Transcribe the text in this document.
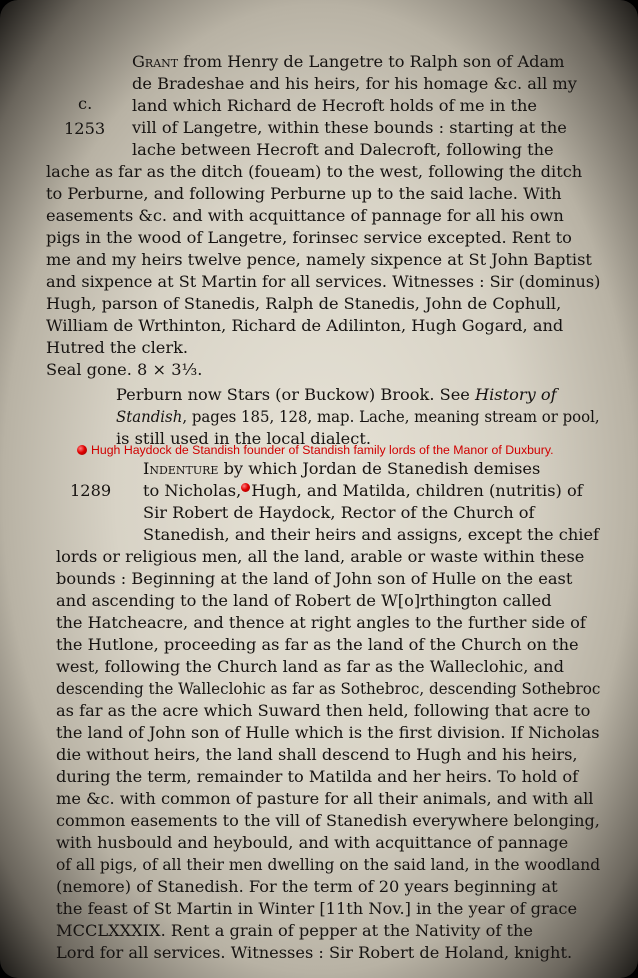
c.
1253
1289
Grant from Henry de Langetre to Ralph son of Adam
de Bradeshae and his heirs, for his homage &c. all my
land which Richard de Hecroft holds of me in the
vill of Langetre, within these bounds : starting at the
lache between Hecroft and Dalecroft, following the
lache as far as the ditch (foueam) to the west, following the ditch
to Perburne, and following Perburne up to the said lache. With
easements &c. and with acquittance of pannage for all his own
pigs in the wood of Langetre, forinsec service excepted. Rent to
me and my heirs twelve pence, namely sixpence at St John Baptist
and sixpence at St Martin for all services. Witnesses : Sir (dominus)
Hugh, parson of Stanedis, Ralph de Stanedis, John de Cophull,
William de Wrthinton, Richard de Adilinton, Hugh Gogard, and
Hutred the clerk.
Seal gone. 8 × 3⅓.
Perburn now Stars (or Buckow) Brook. See History of
Standish, pages 185, 128, map. Lache, meaning stream or pool,
is still used in the local dialect.
Hugh Haydock de Standish founder of Standish family lords of the Manor of Duxbury.
Indenture by which Jordan de Stanedish demises
to Nicholas, Hugh, and Matilda, children (nutritis) of
Sir Robert de Haydock, Rector of the Church of
Stanedish, and their heirs and assigns, except the chief
lords or religious men, all the land, arable or waste within these
bounds : Beginning at the land of John son of Hulle on the east
and ascending to the land of Robert de W[o]rthington called
the Hatcheacre, and thence at right angles to the further side of
the Hutlone, proceeding as far as the land of the Church on the
west, following the Church land as far as the Walleclohic, and
descending the Walleclohic as far as Sothebroc, descending Sothebroc
as far as the acre which Suward then held, following that acre to
the land of John son of Hulle which is the first division. If Nicholas
die without heirs, the land shall descend to Hugh and his heirs,
during the term, remainder to Matilda and her heirs. To hold of
me &c. with common of pasture for all their animals, and with all
common easements to the vill of Stanedish everywhere belonging,
with husbould and heybould, and with acquittance of pannage
of all pigs, of all their men dwelling on the said land, in the woodland
(nemore) of Stanedish. For the term of 20 years beginning at
the feast of St Martin in Winter [11th Nov.] in the year of grace
MCCLXXXIX. Rent a grain of pepper at the Nativity of the
Lord for all services. Witnesses : Sir Robert de Holand, knight.
